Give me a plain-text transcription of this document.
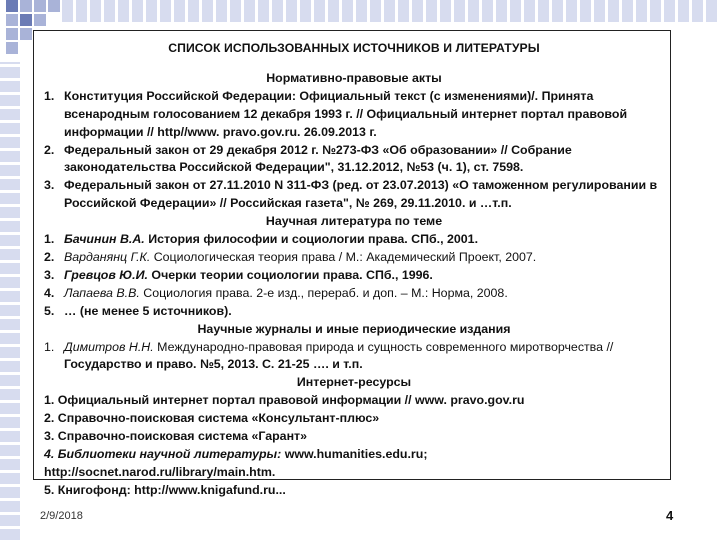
СПИСОК ИСПОЛЬЗОВАННЫХ ИСТОЧНИКОВ И ЛИТЕРАТУРЫ
Нормативно-правовые акты
1. Конституция Российской Федерации: Официальный текст (с изменениями)/. Принята всенародным голосованием 12 декабря 1993 г. // Официальный интернет портал правовой информации // http//www. pravo.gov.ru. 26.09.2013 г.
2. Федеральный закон от 29 декабря 2012 г. №273-ФЗ «Об образовании» // Собрание законодательства Российской Федерации", 31.12.2012, №53 (ч. 1), ст. 7598.
3. Федеральный закон от 27.11.2010 N 311-ФЗ (ред. от 23.07.2013) «О таможенном регулировании в Российской Федерации» // Российская газета", № 269, 29.11.2010. и …т.п.
Научная литература по теме
1. Бачинин В.А. История философии и социологии права. СПб., 2001.
2. Варданянц Г.К. Социологическая теория права / М.: Академический Проект, 2007.
3. Гревцов Ю.И. Очерки теории социологии права. СПб., 1996.
4. Лапаева В.В. Социология права. 2-е изд., перераб. и доп. – М.: Норма, 2008.
5. … (не менее 5 источников).
Научные журналы и иные периодические издания
1. Димитров Н.Н. Международно-правовая природа и сущность современного миротворчества //Государство и право. №5, 2013. С. 21-25 …. и т.п.
Интернет-ресурсы
1. Официальный интернет портал правовой информации // www. pravo.gov.ru
2. Справочно-поисковая система «Консультант-плюс»
3. Справочно-поисковая система «Гарант»
4. Библиотеки научной литературы: www.humanities.edu.ru;
http://socnet.narod.ru/library/main.htm.
5. Книгофонд: http://www.knigafund.ru...
2/9/2018	4
